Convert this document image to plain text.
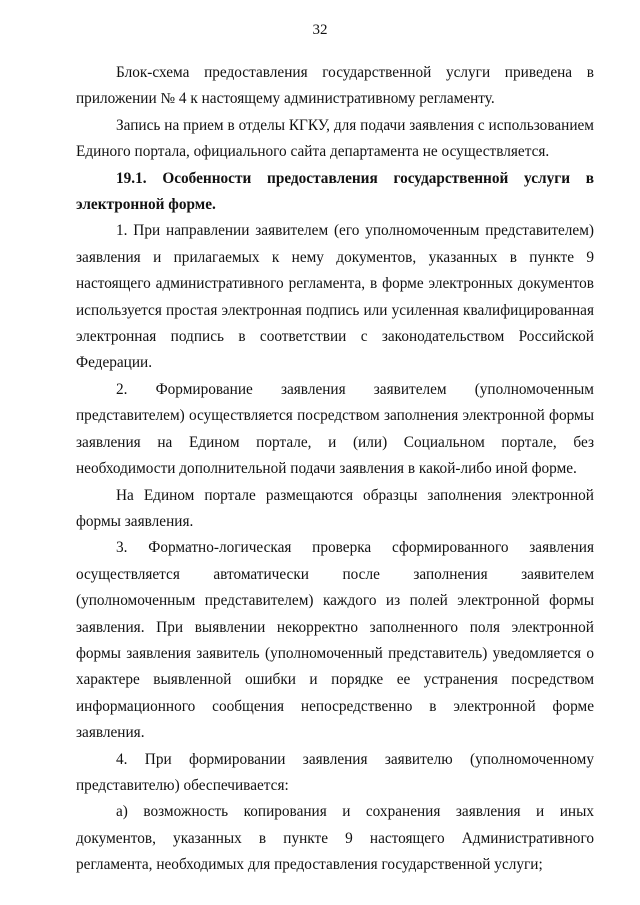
32

Блок-схема предоставления государственной услуги приведена в приложении № 4 к настоящему административному регламенту.

Запись на прием в отделы КГКУ, для подачи заявления с использованием Единого портала, официального сайта департамента не осуществляется.

19.1. Особенности предоставления государственной услуги в электронной форме.

1. При направлении заявителем (его уполномоченным представителем) заявления и прилагаемых к нему документов, указанных в пункте 9 настоящего административного регламента, в форме электронных документов используется простая электронная подпись или усиленная квалифицированная электронная подпись в соответствии с законодательством Российской Федерации.

2. Формирование заявления заявителем (уполномоченным представителем) осуществляется посредством заполнения электронной формы заявления на Едином портале, и (или) Социальном портале, без необходимости дополнительной подачи заявления в какой-либо иной форме.

На Едином портале размещаются образцы заполнения электронной формы заявления.

3. Форматно-логическая проверка сформированного заявления осуществляется автоматически после заполнения заявителем (уполномоченным представителем) каждого из полей электронной формы заявления. При выявлении некорректно заполненного поля электронной формы заявления заявитель (уполномоченный представитель) уведомляется о характере выявленной ошибки и порядке ее устранения посредством информационного сообщения непосредственно в электронной форме заявления.

4. При формировании заявления заявителю (уполномоченному представителю) обеспечивается:

а) возможность копирования и сохранения заявления и иных документов, указанных в пункте 9 настоящего Административного регламента, необходимых для предоставления государственной услуги;
